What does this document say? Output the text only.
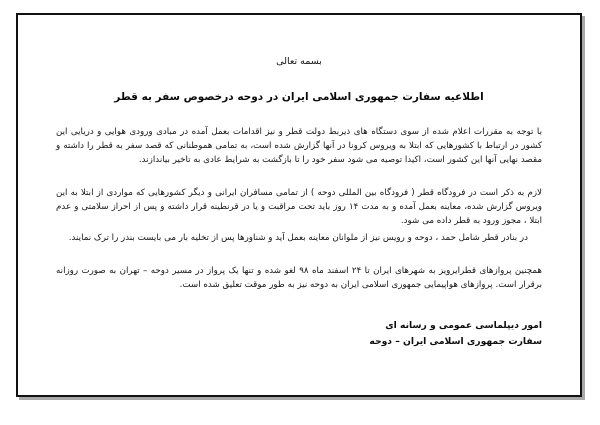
بسمه تعالی
اطلاعیه سفارت جمهوری اسلامی ایران در دوحه درخصوص سفر به قطر

با توجه به مقررات اعلام شده از سوی دستگاه های ذیربط دولت قطر و نیز اقدامات بعمل آمده در مبادی ورودی هوایی و دریایی این کشور در ارتباط با کشورهایی که ابتلا به ویروس کرونا در آنها گزارش شده است، به تمامی هموطنانی که قصد سفر به قطر را داشته و مقصد نهایی آنها این کشور است، اکیدا توصیه می شود سفر خود را تا بازگشت به شرایط عادی به تاخیر بیاندازند.

لازم به ذکر است در فرودگاه قطر ( فرودگاه بین المللی دوحه ) از تمامی مسافران ایرانی و دیگر کشورهایی که مواردی از ابتلا به این ویروس گزارش شده، معاینه بعمل آمده و به مدت ۱۴ روز باید تحت مراقبت و یا در قرنطینه قرار داشته و پس از احراز سلامتی و عدم ابتلا ، مجوز ورود به قطر داده می شود.

در بنادر قطر شامل حمد ، دوحه و رویس نیز از ملوانان معاینه بعمل آید و شناورها پس از تخلیه بار می بایست بندر را ترک نمایند.

همچنین پروازهای قطرایرویز به شهرهای ایران تا ۲۴ اسفند ماه ۹۸ لغو شده و تنها یک پرواز در مسیر دوحه – تهران به صورت روزانه برقرار است. پروازهای هواپیمایی جمهوری اسلامی ایران به دوحه نیز به طور موقت تعلیق شده است.

امور دیپلماسی عمومی و رسانه ای
سفارت جمهوری اسلامی ایران – دوحه
